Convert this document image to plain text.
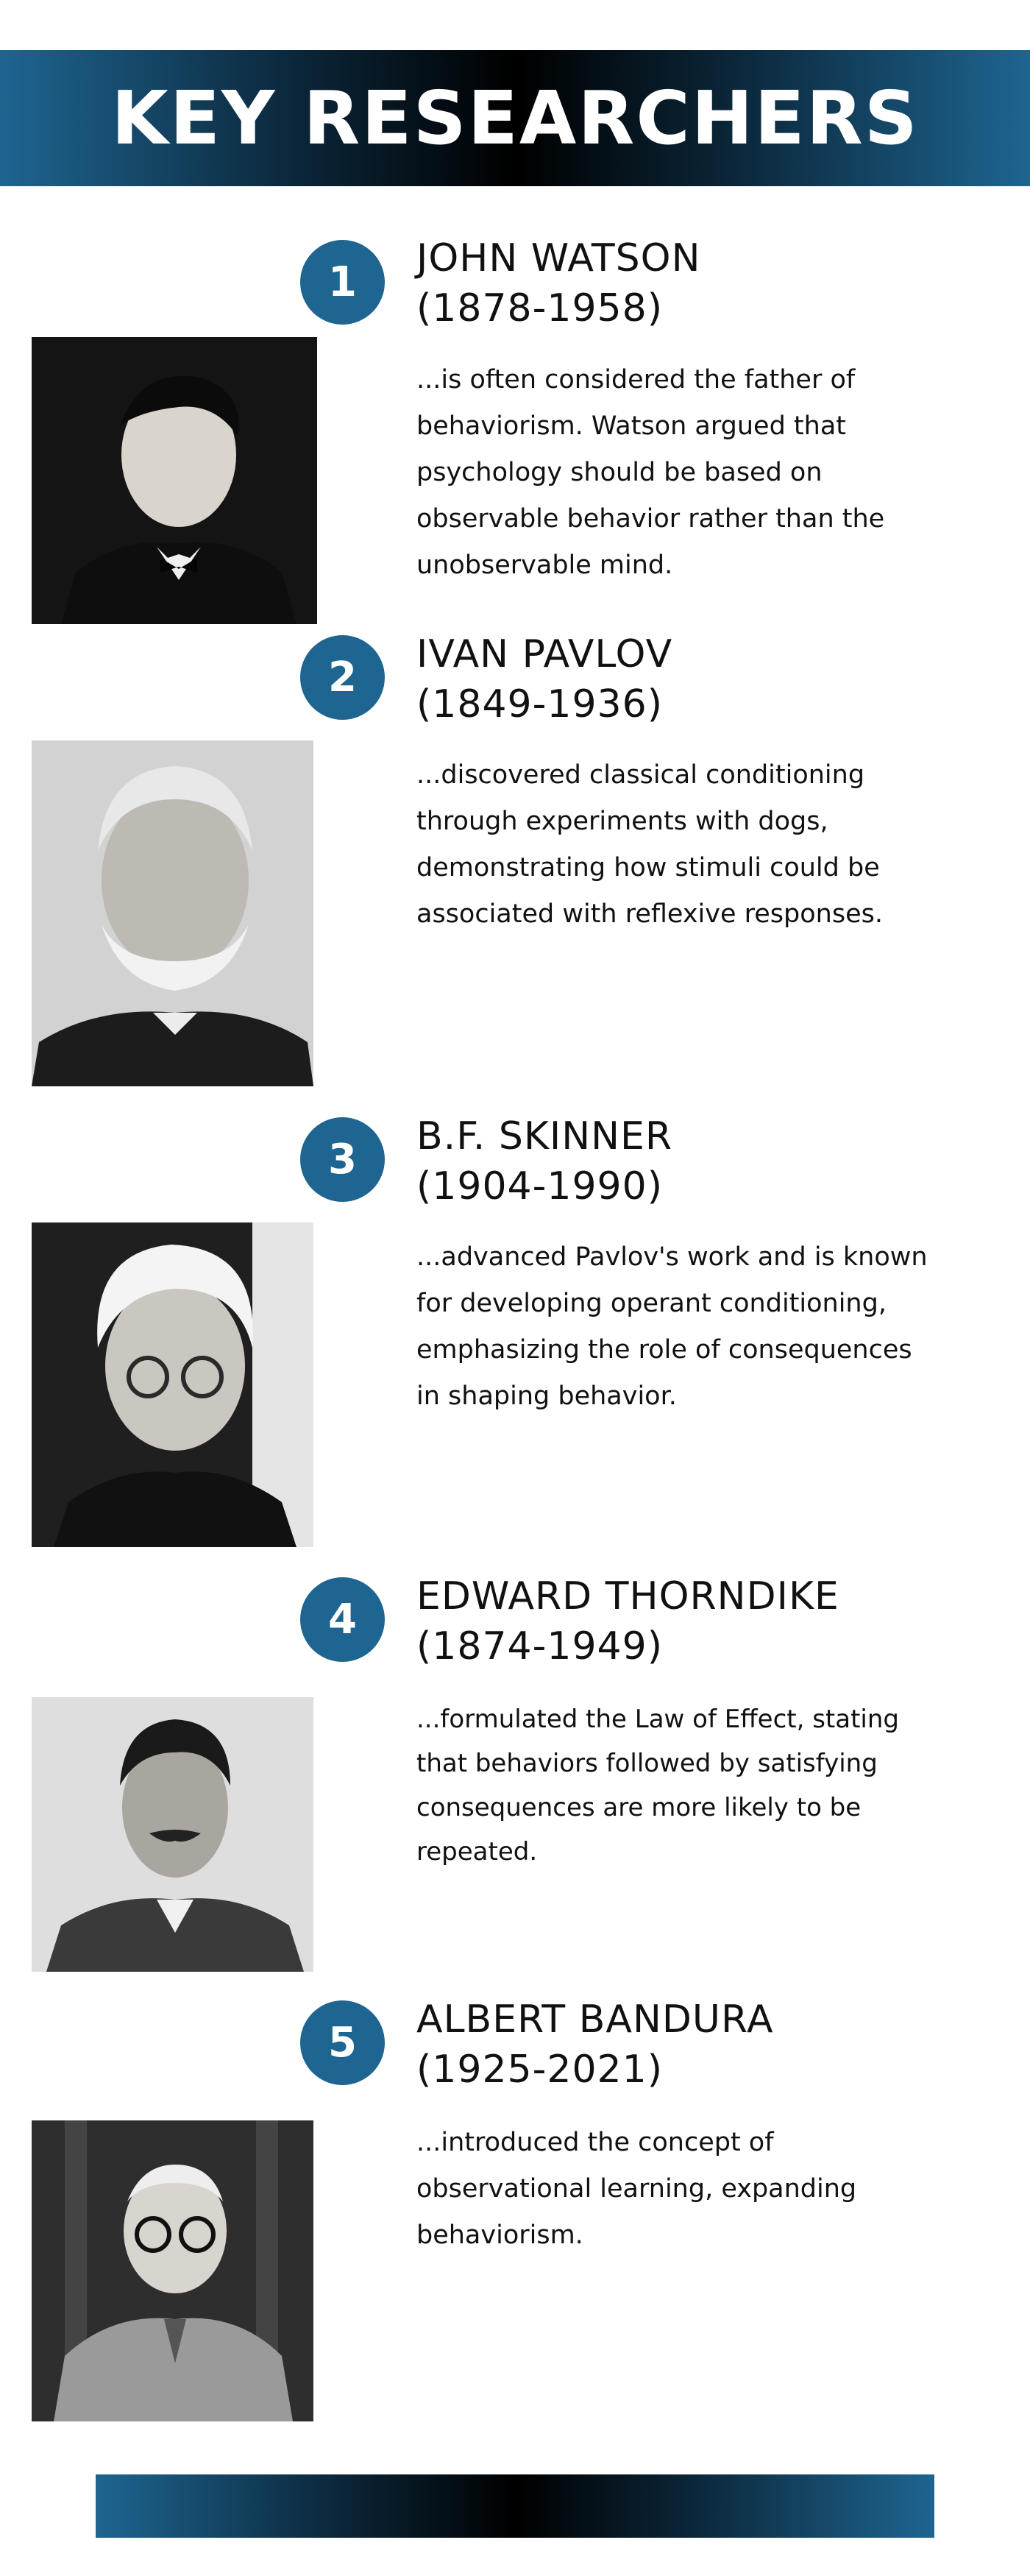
KEY RESEARCHERS
1	JOHN WATSON
(1878-1958)

...is often considered the father of behaviorism. Watson argued that psychology should be based on observable behavior rather than the unobservable mind.

2	IVAN PAVLOV
(1849-1936)

...discovered classical conditioning through experiments with dogs, demonstrating how stimuli could be associated with reflexive responses.

3	B.F. SKINNER
(1904-1990)

...advanced Pavlov's work and is known for developing operant conditioning, emphasizing the role of consequences in shaping behavior.

4	EDWARD THORNDIKE
(1874-1949)

...formulated the Law of Effect, stating that behaviors followed by satisfying consequences are more likely to be repeated.

5	ALBERT BANDURA
(1925-2021)

...introduced the concept of observational learning, expanding behaviorism.
